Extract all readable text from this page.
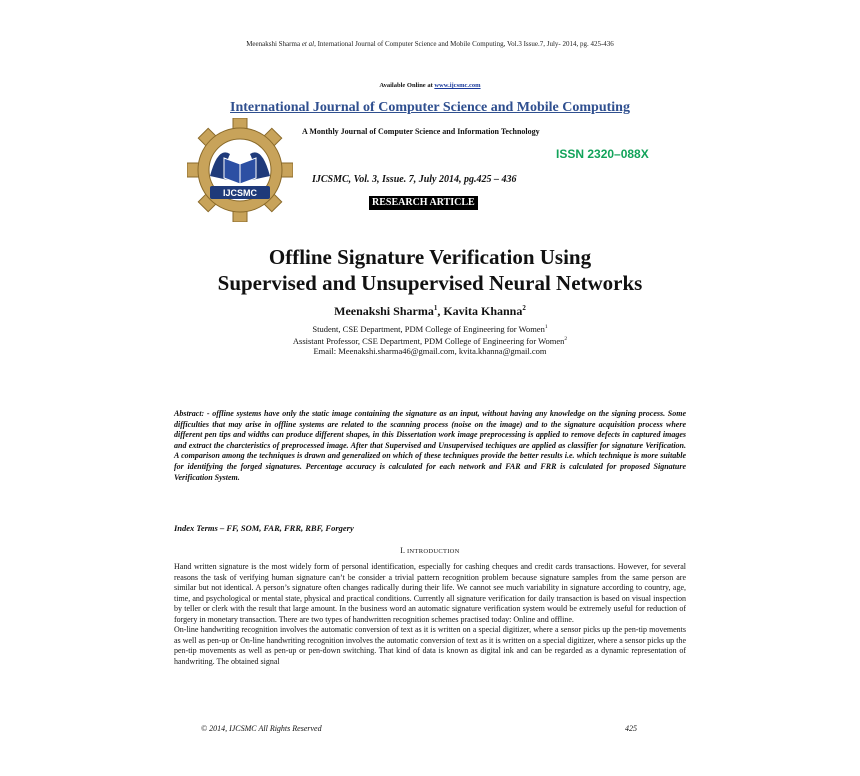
Meenakshi Sharma et al, International Journal of Computer Science and Mobile Computing, Vol.3 Issue.7, July- 2014, pg. 425-436
Available Online at www.ijcsmc.com
International Journal of Computer Science and Mobile Computing
IJCSMC
A Monthly Journal of Computer Science and Information Technology
ISSN 2320–088X
IJCSMC, Vol. 3, Issue. 7, July 2014, pg.425 – 436
RESEARCH ARTICLE
Offline Signature Verification Using
Supervised and Unsupervised Neural Networks
Meenakshi Sharma$^1$, Kavita Khanna$^2$
Student, CSE Department, PDM College of Engineering for Women$^1$
Assistant Professor, CSE Department, PDM College of Engineering for Women$^2$
Email: Meenakshi.sharma46@gmail.com, kvita.khanna@gmail.com
Abstract: - offline systems have only the static image containing the signature as an input, without having any knowledge on the signing process. Some difficulties that may arise in offline systems are related to the scanning process (noise on the image) and to the signature acquisition process where different pen tips and widths can produce different shapes, in this Dissertation work image preprocessing is applied to remove defects in captured images and extract the charcteristics of preprocessed image. After that Supervised and Unsupervised techiques are applied as classifier for signature Verification. A comparison among the techniques is drawn and generalized on which of these techniques provide the better results i.e. which technique is more suitable for identifying the forged signatures. Percentage accuracy is calculated for each network and FAR and FRR is calculated for proposed Signature Verification System.
Index Terms – FF, SOM, FAR, FRR, RBF, Forgery
I. INTRODUCTION

Hand written signature is the most widely form of personal identification, especially for cashing cheques and credit cards transactions. However, for several reasons the task of verifying human signature can’t be consider a trivial pattern recognition problem because signature samples from the same person are similar but not identical. A person’s signature often changes radically during their life. We cannot see much variability in signature according to country, age, time, and psychological or mental state, physical and practical conditions. Currently all signature verification for daily transaction is based on visual inspection by teller or clerk with the result that large amount. In the business word an automatic signature verification system would be extremely useful for reduction of forgery in monetary transaction. There are two types of handwritten recognition schemes practised today: Online and offline.

On-line handwriting recognition involves the automatic conversion of text as it is written on a special digitizer, where a sensor picks up the pen-tip movements as well as pen-up or On-line handwriting recognition involves the automatic conversion of text as it is written on a special digitizer, where a sensor picks up the pen-tip movements as well as pen-up or pen-down switching. That kind of data is known as digital ink and can be regarded as a dynamic representation of handwriting. The obtained signal

© 2014, IJCSMC All Rights Reserved	425
